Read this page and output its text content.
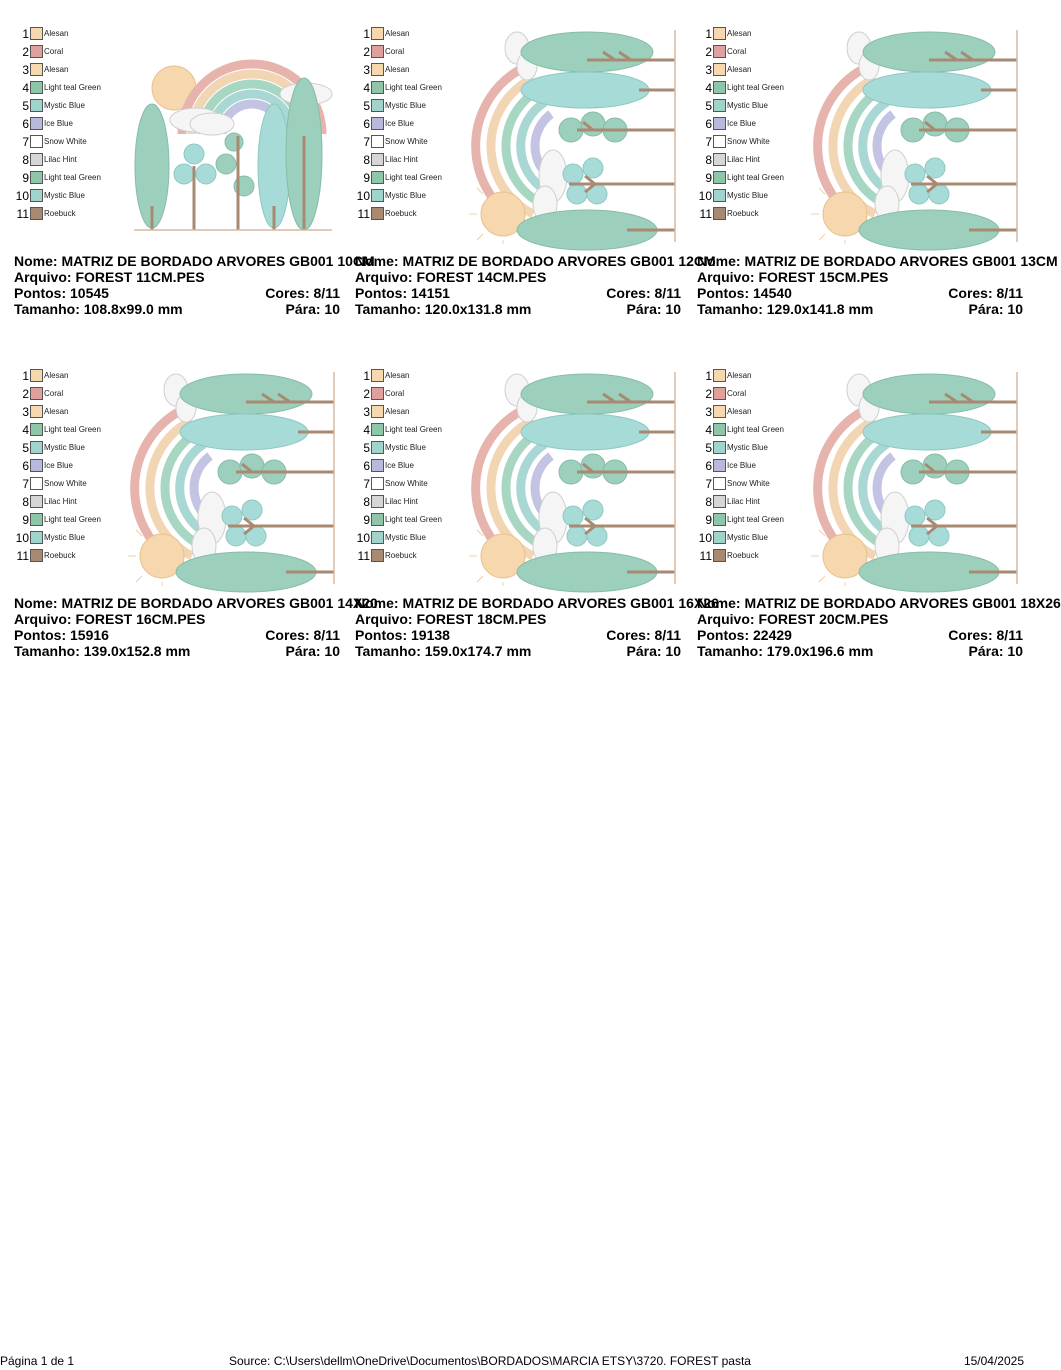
1 Alesan
2 Coral
3 Alesan
4 Light teal Green
5 Mystic Blue
6 Ice Blue
7 Snow White
8 Lilac Hint
9 Light teal Green
10 Mystic Blue
11 Roebuck
Nome: MATRIZ DE BORDADO ARVORES GB001 10CM
Arquivo: FOREST 11CM.PES
Pontos: 10545	Cores: 8/11
Tamanho: 108.8x99.0 mm	Pára: 10
1 Alesan
2 Coral
3 Alesan
4 Light teal Green
5 Mystic Blue
6 Ice Blue
7 Snow White
8 Lilac Hint
9 Light teal Green
10 Mystic Blue
11 Roebuck
Nome: MATRIZ DE BORDADO ARVORES GB001 12CM
Arquivo: FOREST 14CM.PES
Pontos: 14151	Cores: 8/11
Tamanho: 120.0x131.8 mm	Pára: 10
1 Alesan
2 Coral
3 Alesan
4 Light teal Green
5 Mystic Blue
6 Ice Blue
7 Snow White
8 Lilac Hint
9 Light teal Green
10 Mystic Blue
11 Roebuck
Nome: MATRIZ DE BORDADO ARVORES GB001 13CM
Arquivo: FOREST 15CM.PES
Pontos: 14540	Cores: 8/11
Tamanho: 129.0x141.8 mm	Pára: 10
1 Alesan
2 Coral
3 Alesan
4 Light teal Green
5 Mystic Blue
6 Ice Blue
7 Snow White
8 Lilac Hint
9 Light teal Green
10 Mystic Blue
11 Roebuck
Nome: MATRIZ DE BORDADO ARVORES GB001 14X20
Arquivo: FOREST 16CM.PES
Pontos: 15916	Cores: 8/11
Tamanho: 139.0x152.8 mm	Pára: 10
1 Alesan
2 Coral
3 Alesan
4 Light teal Green
5 Mystic Blue
6 Ice Blue
7 Snow White
8 Lilac Hint
9 Light teal Green
10 Mystic Blue
11 Roebuck
Nome: MATRIZ DE BORDADO ARVORES GB001 16X26
Arquivo: FOREST 18CM.PES
Pontos: 19138	Cores: 8/11
Tamanho: 159.0x174.7 mm	Pára: 10
1 Alesan
2 Coral
3 Alesan
4 Light teal Green
5 Mystic Blue
6 Ice Blue
7 Snow White
8 Lilac Hint
9 Light teal Green
10 Mystic Blue
11 Roebuck
Nome: MATRIZ DE BORDADO ARVORES GB001 18X26
Arquivo: FOREST 20CM.PES
Pontos: 22429	Cores: 8/11
Tamanho: 179.0x196.6 mm	Pára: 10
Página 1 de 1	Source: C:\Users\dellm\OneDrive\Documentos\BORDADOS\MARCIA ETSY\3720. FOREST pasta	15/04/2025
